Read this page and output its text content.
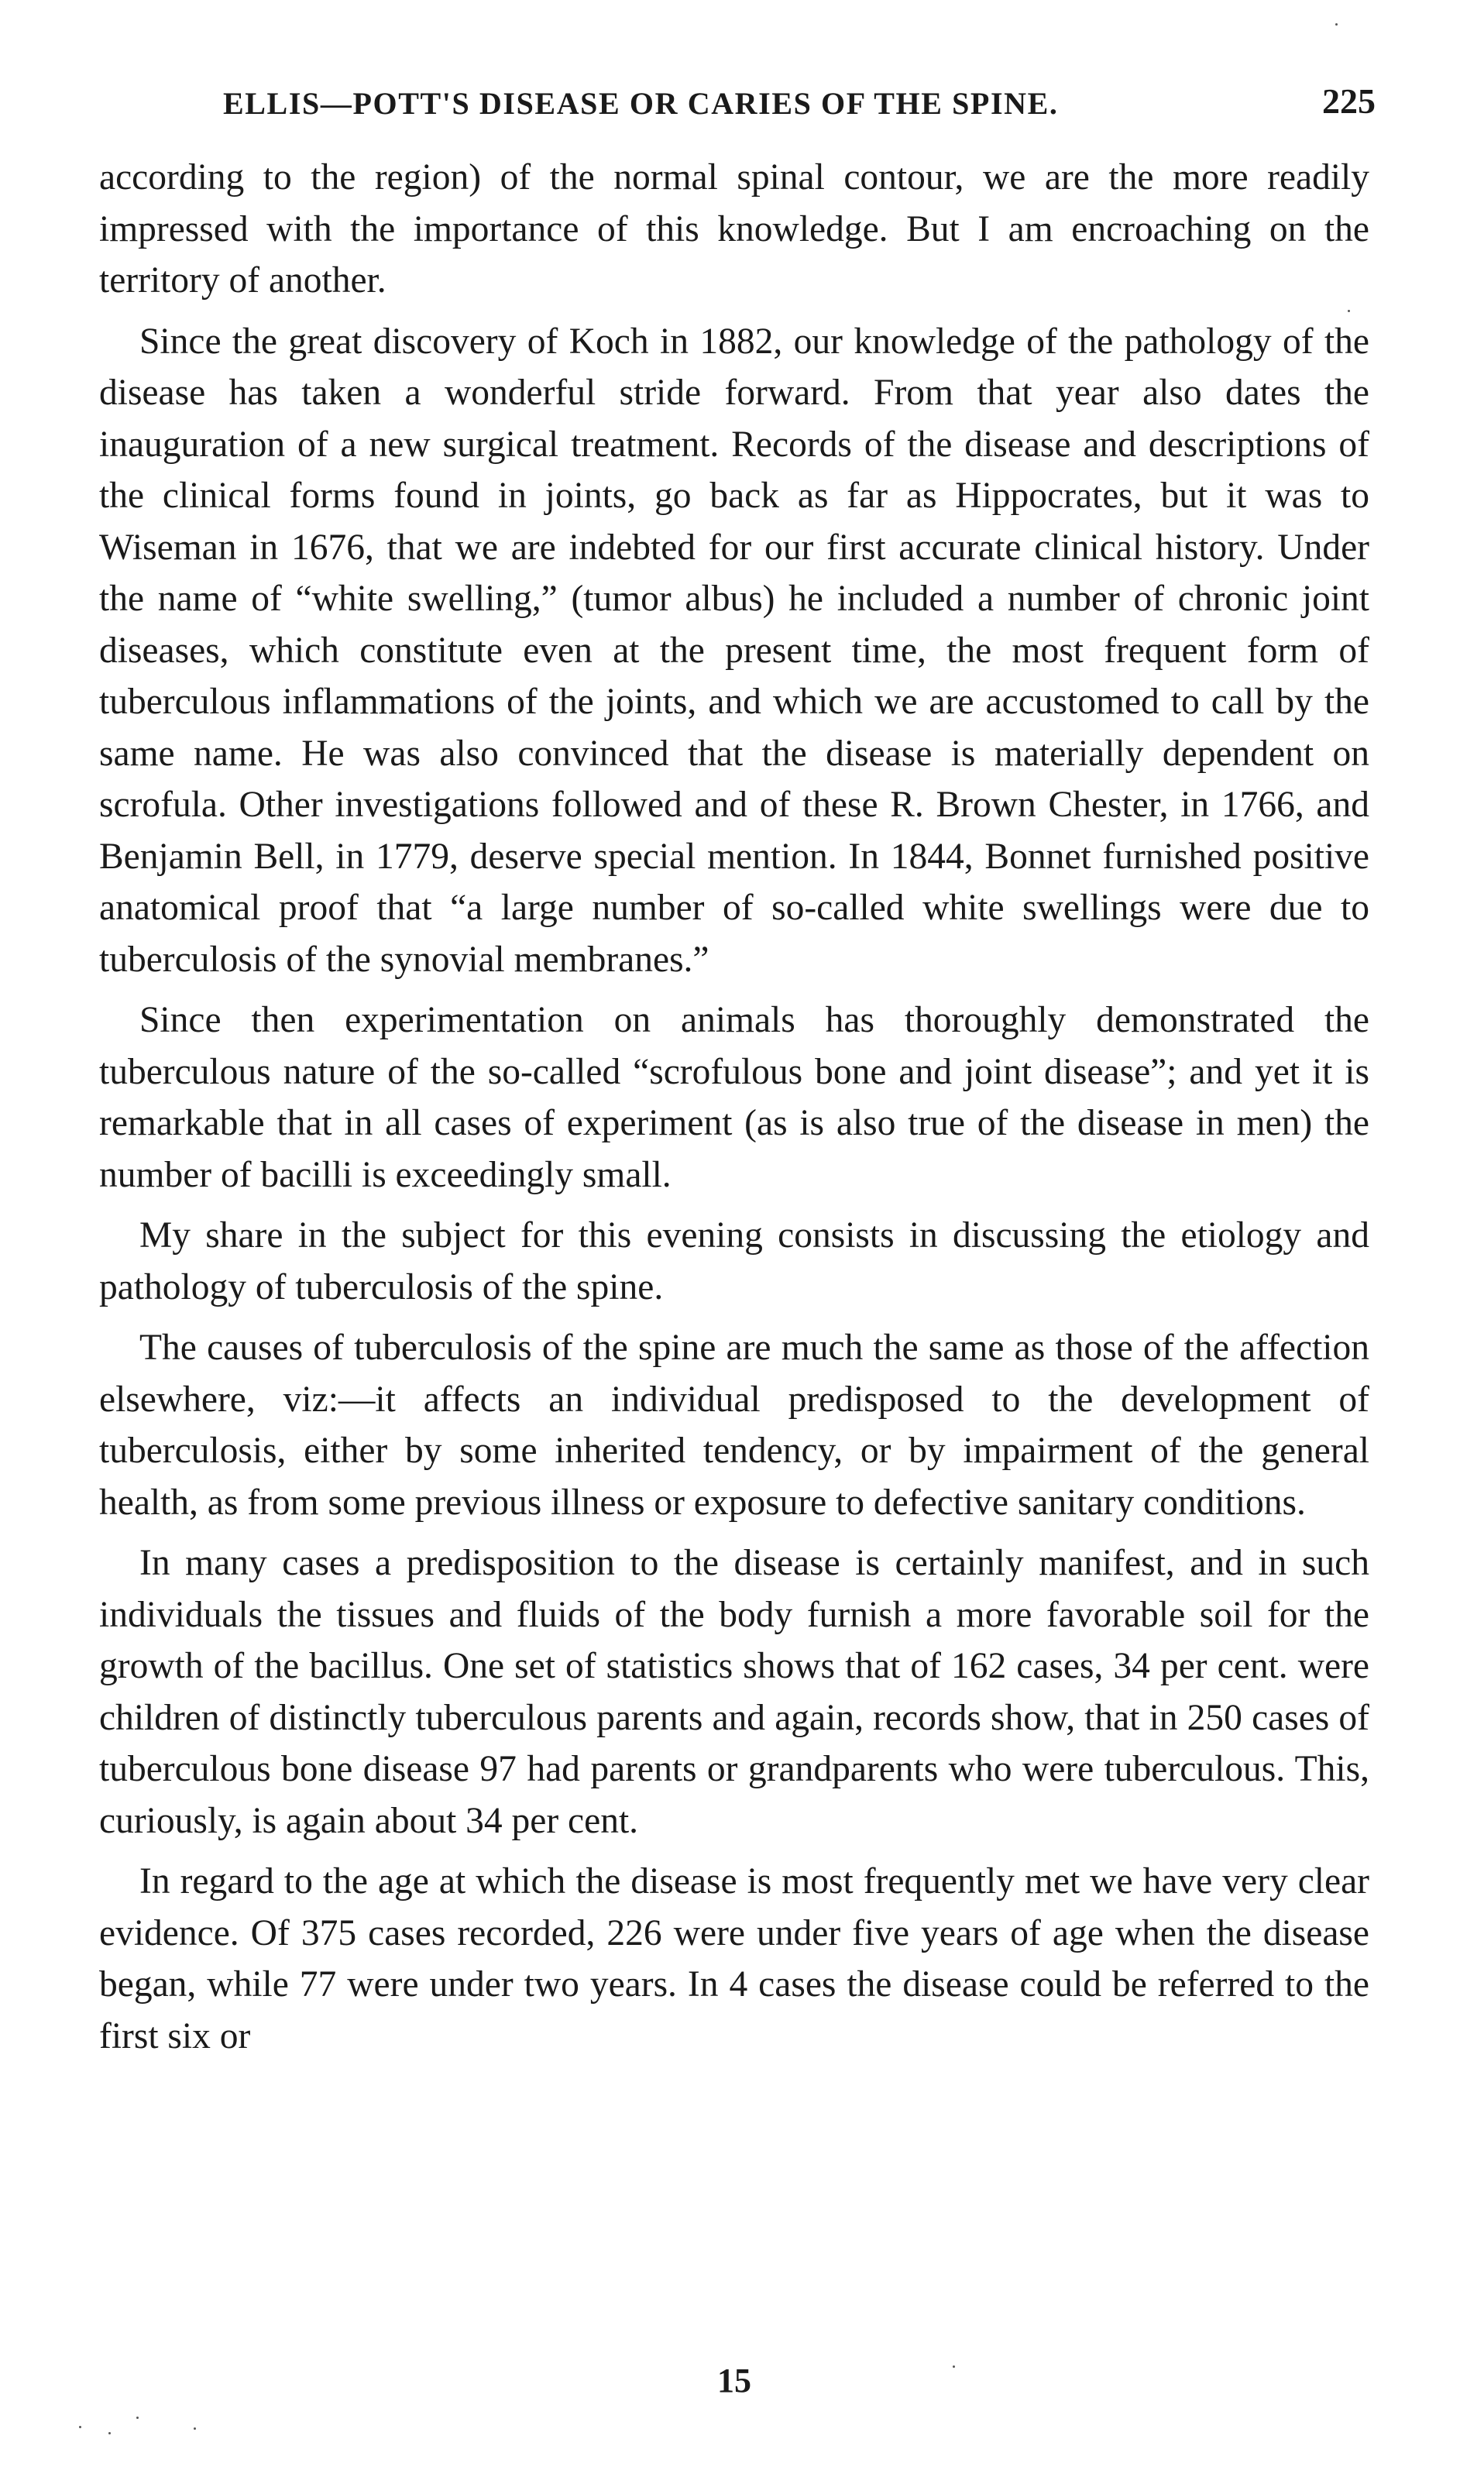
ELLIS—POTT'S DISEASE OR CARIES OF THE SPINE.	225

according to the region) of the normal spinal contour, we are the more readily impressed with the importance of this knowledge. But I am encroaching on the territory of another.

Since the great discovery of Koch in 1882, our knowledge of the pathology of the disease has taken a wonderful stride forward. From that year also dates the inauguration of a new surgical treatment. Records of the disease and descriptions of the clinical forms found in joints, go back as far as Hippocrates, but it was to Wiseman in 1676, that we are indebted for our first accurate clinical history. Under the name of “white swelling,” (tumor albus) he included a number of chronic joint diseases, which constitute even at the present time, the most frequent form of tuberculous inflammations of the joints, and which we are accustomed to call by the same name. He was also convinced that the disease is materially dependent on scrofula. Other investigations followed and of these R. Brown Chester, in 1766, and Benjamin Bell, in 1779, deserve special mention. In 1844, Bonnet furnished positive anatomical proof that “a large number of so-called white swellings were due to tuberculosis of the synovial membranes.”

Since then experimentation on animals has thoroughly demonstrated the tuberculous nature of the so-called “scrofulous bone and joint disease”; and yet it is remarkable that in all cases of experiment (as is also true of the disease in men) the number of bacilli is exceedingly small.

My share in the subject for this evening consists in discussing the etiology and pathology of tuberculosis of the spine.

The causes of tuberculosis of the spine are much the same as those of the affection elsewhere, viz:—it affects an individual predisposed to the development of tuberculosis, either by some inherited tendency, or by impairment of the general health, as from some previous illness or exposure to defective sanitary conditions.

In many cases a predisposition to the disease is certainly manifest, and in such individuals the tissues and fluids of the body furnish a more favorable soil for the growth of the bacillus. One set of statistics shows that of 162 cases, 34 per cent. were children of distinctly tuberculous parents and again, records show, that in 250 cases of tuberculous bone disease 97 had parents or grandparents who were tuberculous. This, curiously, is again about 34 per cent.

In regard to the age at which the disease is most frequently met we have very clear evidence. Of 375 cases recorded, 226 were under five years of age when the disease began, while 77 were under two years. In 4 cases the disease could be referred to the first six or

15
